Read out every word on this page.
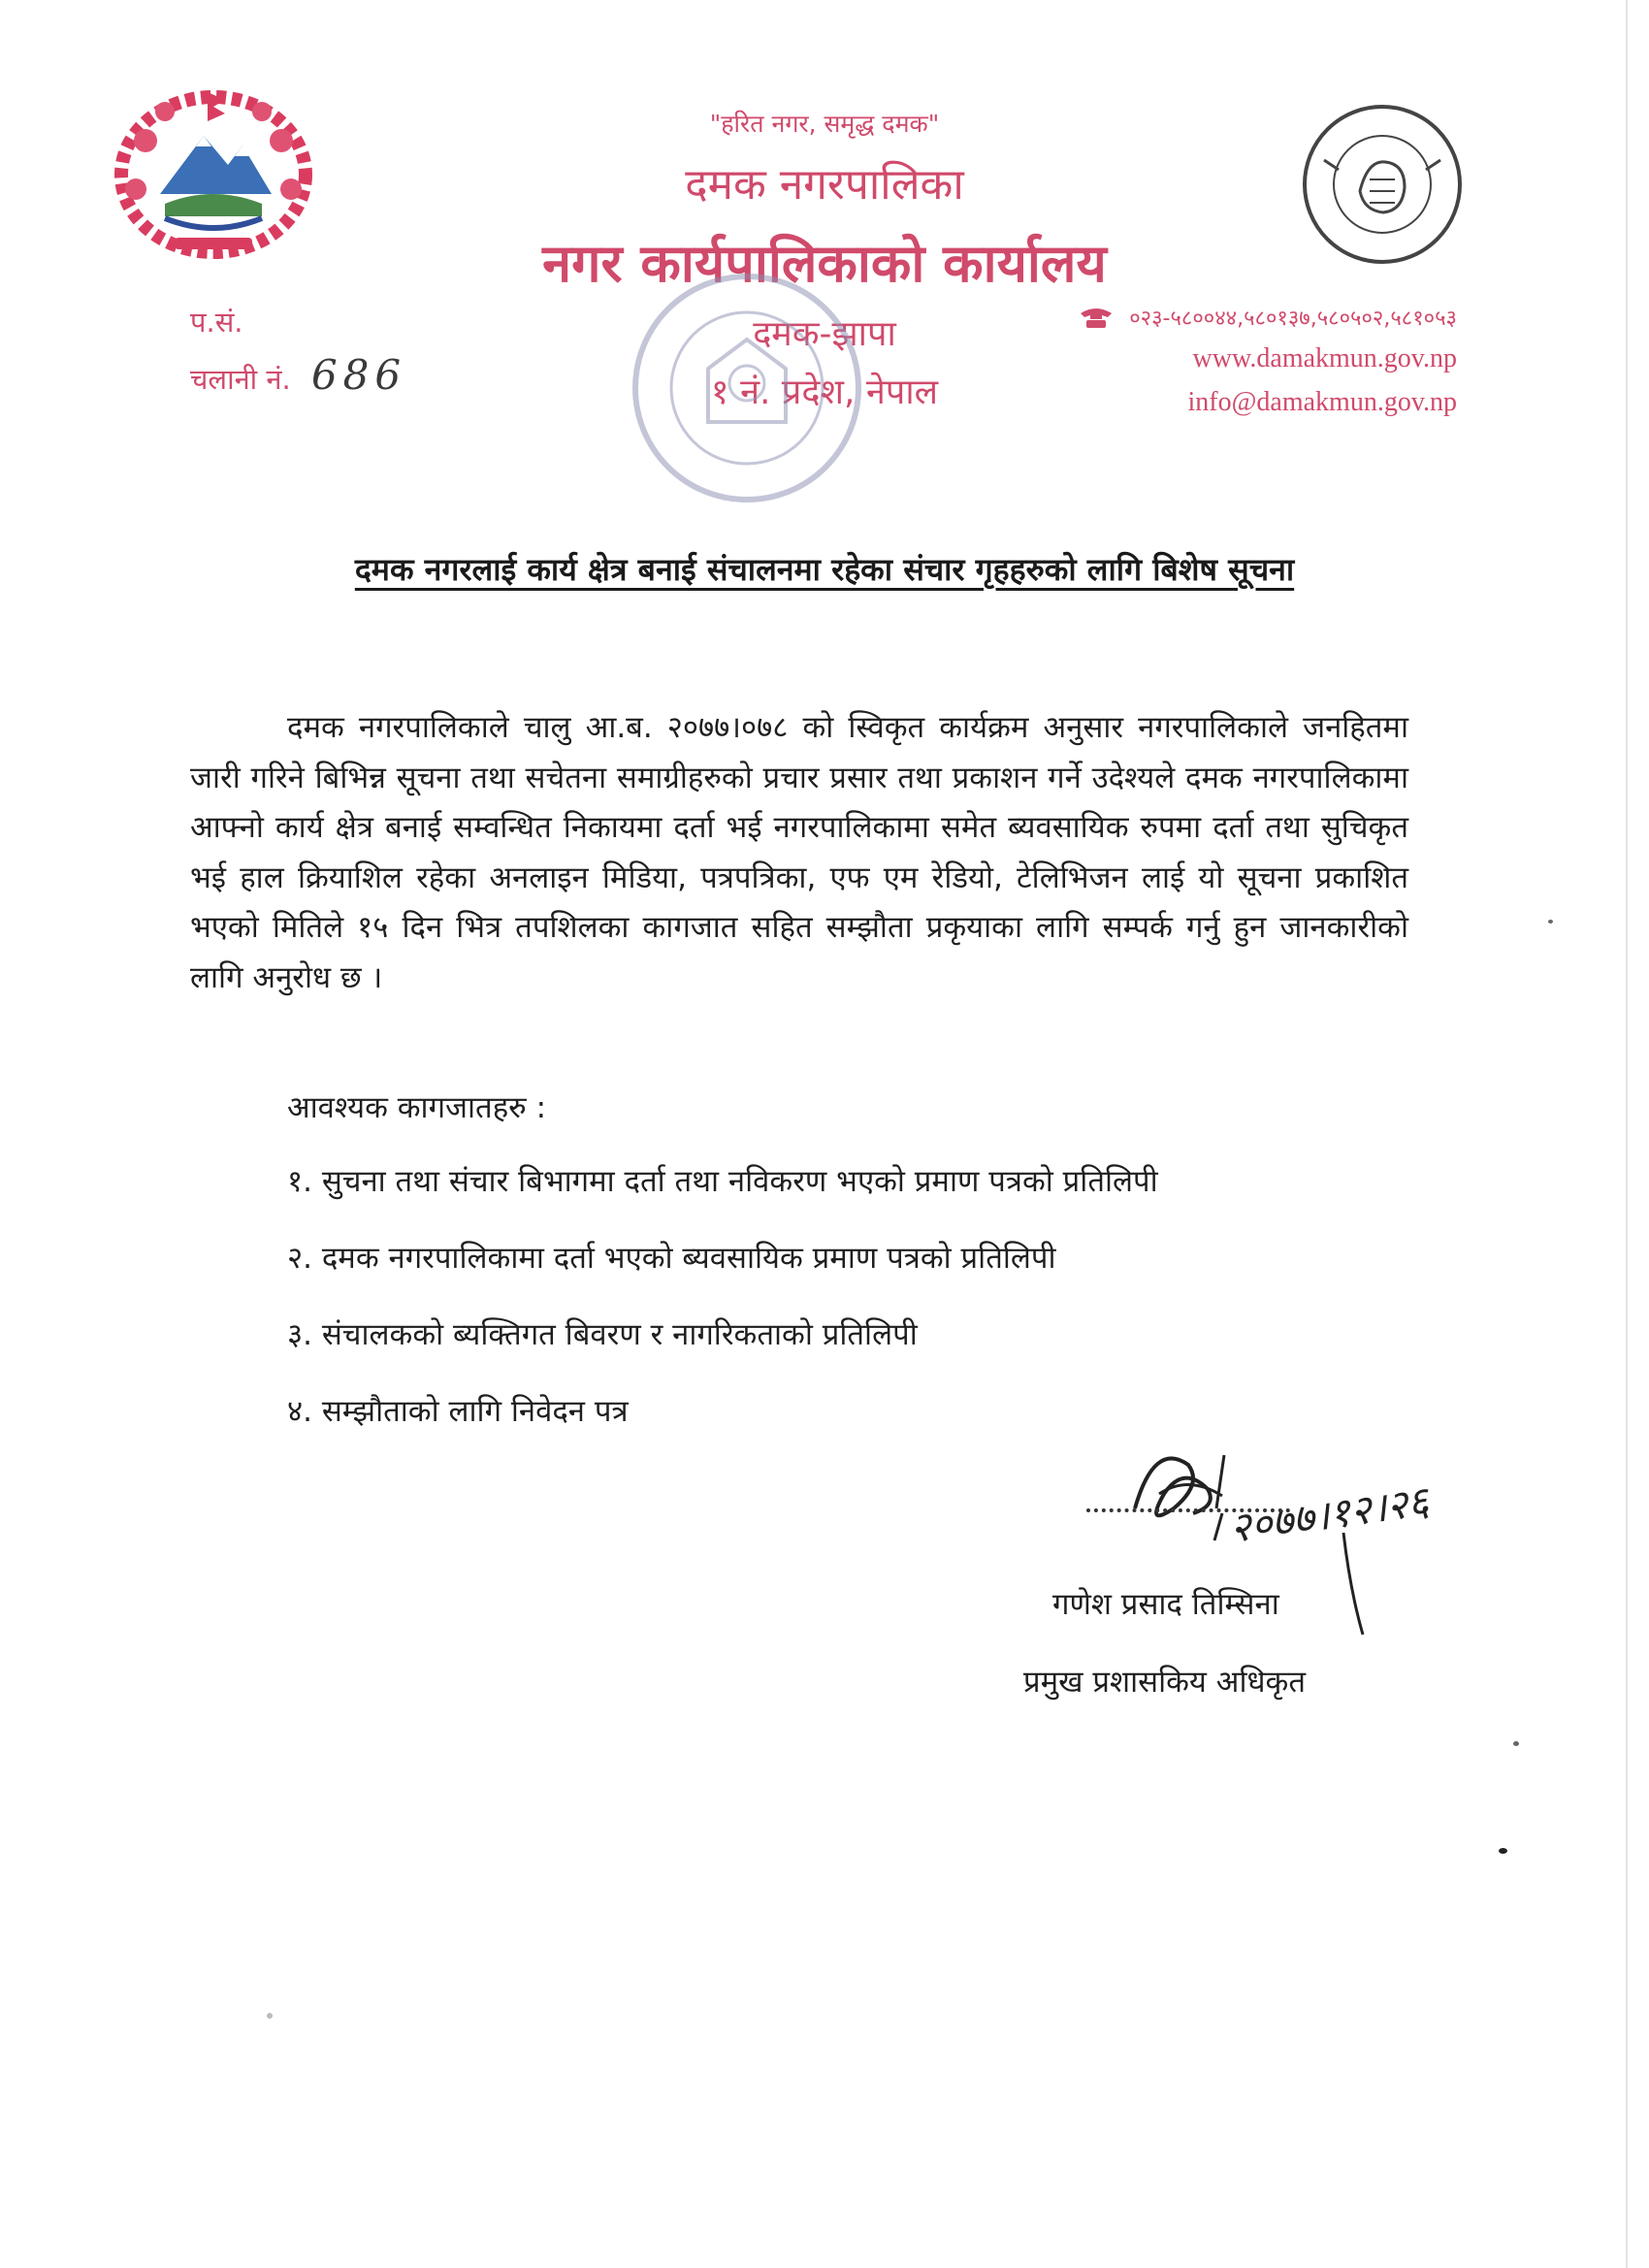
"हरित नगर, समृद्ध दमक"
दमक नगरपालिका
नगर कार्यपालिकाको कार्यालय
दमक-झापा
१ नं. प्रदेश, नेपाल
प.सं.
चलानी नं. 686
०२३-५८००४४,५८०१३७,५८०५०२,५८१०५३
www.damakmun.gov.np
info@damakmun.gov.np
दमक नगरलाई कार्य क्षेत्र बनाई संचालनमा रहेका संचार गृहहरुको लागि बिशेष सूचना

दमक नगरपालिकाले चालु आ.ब. २०७७।०७८ को स्विकृत कार्यक्रम अनुसार नगरपालिकाले जनहितमा जारी गरिने बिभिन्न सूचना तथा सचेतना समाग्रीहरुको प्रचार प्रसार तथा प्रकाशन गर्ने उदेश्यले दमक नगरपालिकामा आफ्नो कार्य क्षेत्र बनाई सम्वन्धित निकायमा दर्ता भई नगरपालिकामा समेत ब्यवसायिक रुपमा दर्ता तथा सुचिकृत भई हाल क्रियाशिल रहेका अनलाइन मिडिया, पत्रपत्रिका, एफ एम रेडियो, टेलिभिजन लाई यो सूचना प्रकाशित भएको मितिले १५ दिन भित्र तपशिलका कागजात सहित सम्झौता प्रकृयाका लागि सम्पर्क गर्नु हुन जानकारीको लागि अनुरोध छ ।

आवश्यक कागजातहरु :

१. सुचना तथा संचार बिभागमा दर्ता तथा नविकरण भएको प्रमाण पत्रको प्रतिलिपी

२. दमक नगरपालिकामा दर्ता भएको ब्यवसायिक प्रमाण पत्रको प्रतिलिपी

३. संचालकको ब्यक्तिगत बिवरण र नागरिकताको प्रतिलिपी

४. सम्झौताको लागि निवेदन पत्र

२०७७।१२।२६
गणेश प्रसाद तिम्सिना
प्रमुख प्रशासकिय अधिकृत
